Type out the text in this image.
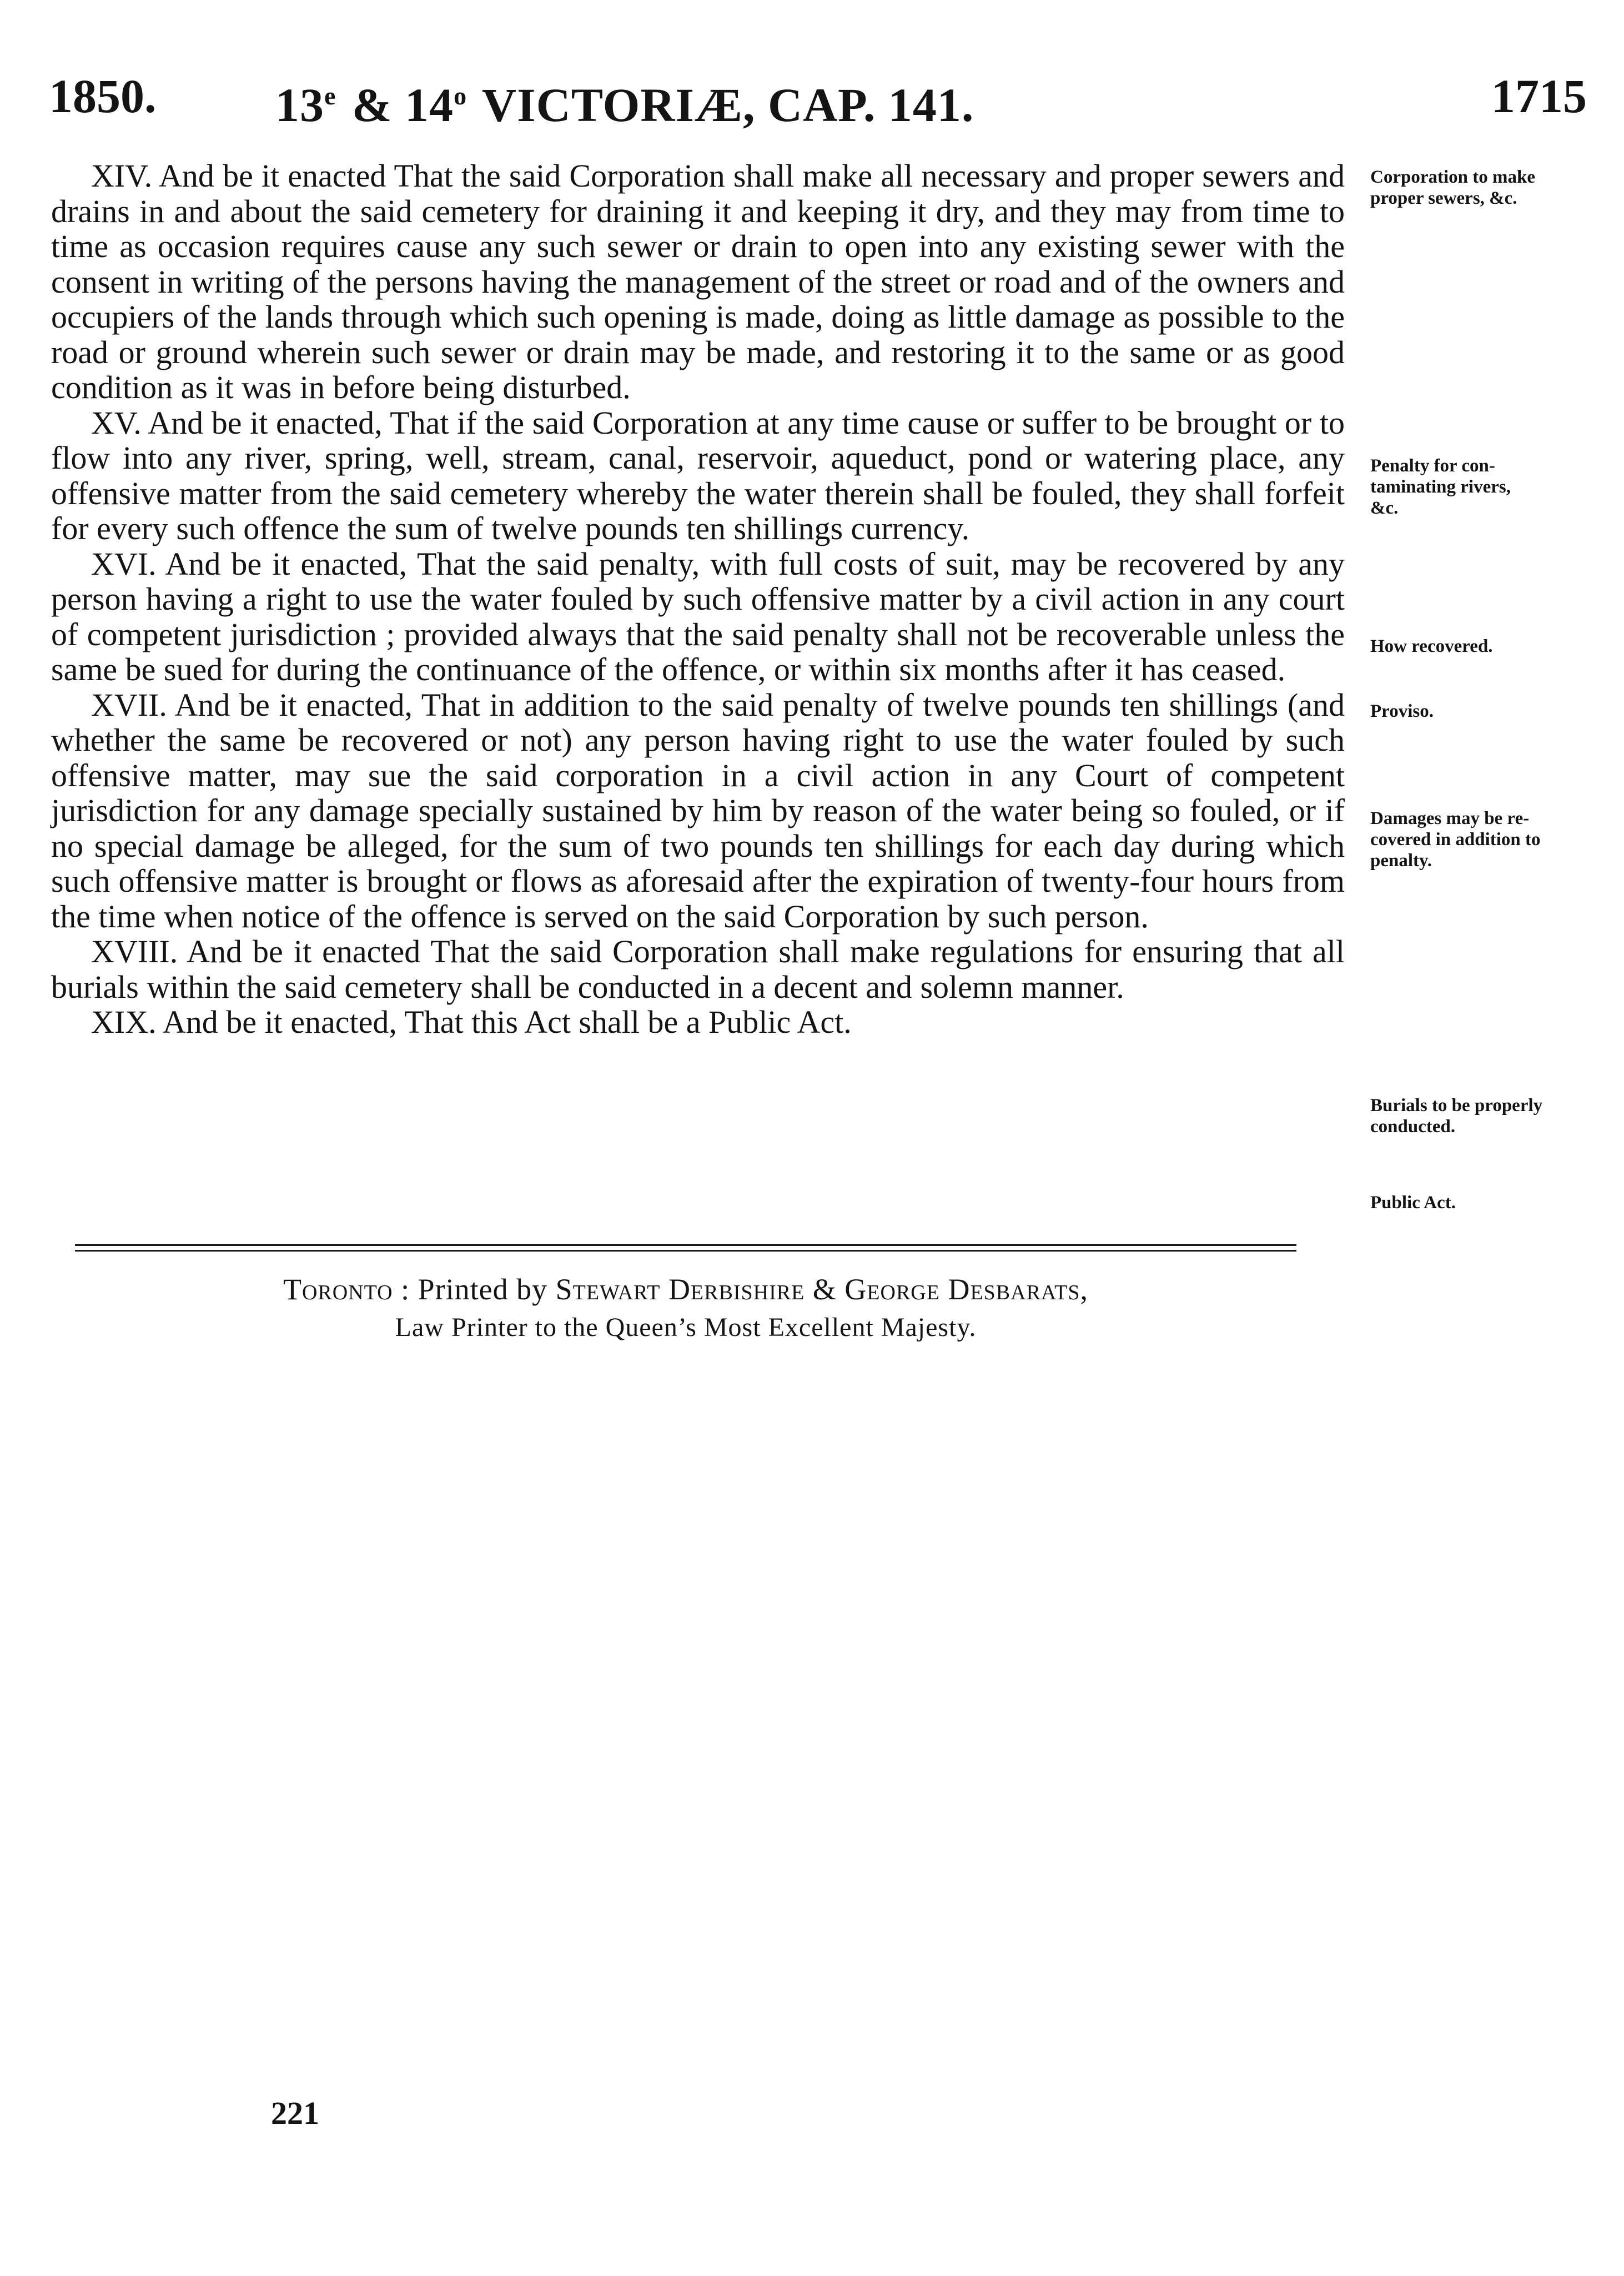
1850. 13e & 14$^o$ VICTORIÆ, CAP. 141.	1715

XIV. And be it enacted That the said Corporation shall make all necessary and proper sewers and drains in and about the said cemetery for draining it and keeping it dry, and they may from time to time as occasion requires cause any such sewer or drain to open into any existing sewer with the consent in writing of the persons having the management of the street or road and of the owners and occupiers of the lands through which such opening is made, doing as little damage as possible to the road or ground wherein such sewer or drain may be made, and restoring it to the same or as good condition as it was in before being disturbed.

XV. And be it enacted, That if the said Corporation at any time cause or suffer to be brought or to flow into any river, spring, well, stream, canal, reservoir, aqueduct, pond or watering place, any offensive matter from the said cemetery whereby the water therein shall be fouled, they shall forfeit for every such offence the sum of twelve pounds ten shillings currency.

XVI. And be it enacted, That the said penalty, with full costs of suit, may be recovered by any person having a right to use the water fouled by such offensive matter by a civil action in any court of competent jurisdiction ; provided always that the said penalty shall not be recoverable unless the same be sued for during the continuance of the offence, or within six months after it has ceased.

XVII. And be it enacted, That in addition to the said penalty of twelve pounds ten shillings (and whether the same be recovered or not) any person having right to use the water fouled by such offensive matter, may sue the said corporation in a civil action in any Court of competent jurisdiction for any damage specially sustained by him by reason of the water being so fouled, or if no special damage be alleged, for the sum of two pounds ten shillings for each day during which such offensive matter is brought or flows as aforesaid after the expiration of twenty-four hours from the time when notice of the offence is served on the said Corporation by such person.

XVIII. And be it enacted That the said Corporation shall make regulations for ensuring that all burials within the said cemetery shall be conducted in a decent and solemn manner.

XIX. And be it enacted, That this Act shall be a Public Act.

Corporation to make
proper sewers, &c.
Penalty for con-
taminating rivers,
&c.
How recovered.
Proviso.
Damages may be re-
covered in addition to
penalty.
Burials to be properly
conducted.
Public Act.
Toronto : Printed by Stewart Derbishire & George Desbarats,
Law Printer to the Queen’s Most Excellent Majesty.
221
